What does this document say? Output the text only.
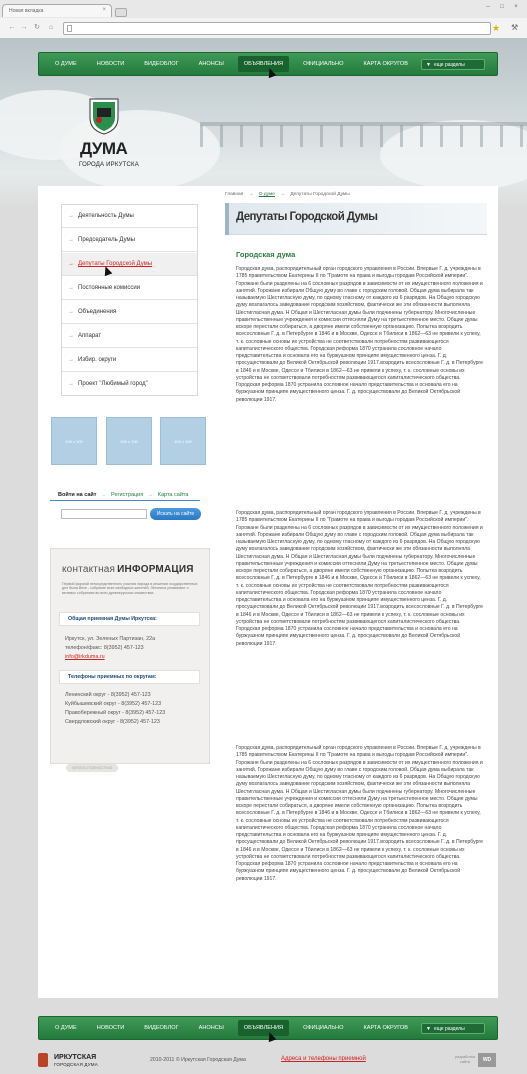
Новая вкладка	×	–	□	×
← → ↻ ⌂	★ ⚒
О ДУМЕ	НОВОСТИ	ВИДЕОБЛОГ	АНОНСЫ	ОБЪЯВЛЕНИЯ	ОФИЦИАЛЬНО	КАРТА ОКРУГОВ	▼ еще разделы
ДУМА
ГОРОДА ИРКУТСКА
Главная → О думе → Депутаты Городской Думы
→ Деятельность Думы
→ Председатель Думы
→ Депутаты Городской Думы
→ Постоянные комиссии
→ Объединения
→ Аппарат
→ Избир. округи
→ Проект "Любимый город"
100 x 100	100 x 100	100 x 100
Войти на сайт → Регистрация → Карта сайта
Искать на сайте
контактная ИНФОРМАЦИЯ
Первой формой непосредственного участия народа в решении государственных дел была Вече - собрание всех свободных жителей. Летописи упоминают о вечевых собраниях во всех древнерусских княжествах.
Общая приемная Думы Иркутска:
Иркутск, ул. Зеленых Партизан, 22а
телефон/факс: 8(3952) 457-123
info@irkduma.ru
Телефоны приемных по округам:
Ленинский округ - 8(3952) 457-123
Куйбышевский округ - 8(3952) 457-123
Правобережный округ - 8(3952) 457-123
Свердловский округ - 8(3952) 457-123
ЧИТАТЬ ПОЛНОСТЬЮ
Депутаты Городской Думы
Городская дума
Городская дума, распорядительный орган городского управления в России. Впервые Г. д. учреждены в 1785 правительством Екатерины II по "Грамоте на права и выгоды городам Российской империи". Горожане были разделены на 6 сословных разрядов в зависимости от их имущественного положения и занятий. Горожане избирали Общую думу во главе с городским головой. Общая дума выбирала так называемую Шестигласную думу, по одному гласному от каждого из 6 разрядов. На Общую городскую думу возлагалось заведование городским хозяйством, фактически же эти обязанности выполняла Шестигласная дума. Н Общая и Шестигласная думы были подчинены губернатору. Многочисленные правительственные учреждения и комиссии оттесняли Думу на третьестепенное место. Общие думы вскоре перестали собираться, а дворяне имели собственную организацию. Попытка возродить всесословные Г. д. в Петербурге в 1846 и в Москве, Одессе и Тбилиси в 1862—63 не привели к успеху, т. к. сословные основы их устройства не соответствовали потребностям развивающегося капиталистического общества. Городская реформа 1870 устранила сословное начало представительства и основала его на буржуазном принципе имущественного ценза. Г. д. просуществовали до Великой Октябрьской революции 1917.возродить всесословные Г. д. в Петербурге в 1846 и в Москве, Одессе и Тбилиси в 1862—63 не привели к успеху, т. к. сословные основы их устройства не соответствовали потребностям развивающегося капиталистического общества. Городская реформа 1870 устранила сословное начало представительства и основала его на буржуазном принципе имущественного ценза. Г. д. просуществовали до Великой Октябрьской революции 1917.
Городская дума, распорядительный орган городского управления в России. Впервые Г. д. учреждены в 1785 правительством Екатерины II по "Грамоте на права и выгоды городам Российской империи". Горожане были разделены на 6 сословных разрядов в зависимости от их имущественного положения и занятий. Горожане избирали Общую думу во главе с городским головой. Общая дума выбирала так называемую Шестигласную думу, по одному гласному от каждого из 6 разрядов. На Общую городскую думу возлагалось заведование городским хозяйством, фактически же эти обязанности выполняла Шестигласная дума. Н Общая и Шестигласная думы были подчинены губернатору. Многочисленные правительственные учреждения и комиссии оттесняли Думу на третьестепенное место. Общие думы вскоре перестали собираться, а дворяне имели собственную организацию. Попытка возродить всесословные Г. д. в Петербурге в 1846 и в Москве, Одессе и Тбилиси в 1862—63 не привели к успеху, т. к. сословные основы их устройства не соответствовали потребностям развивающегося капиталистического общества. Городская реформа 1870 устранила сословное начало представительства и основала его на буржуазном принципе имущественного ценза. Г. д. просуществовали до Великой Октябрьской революции 1917.возродить всесословные Г. д. в Петербурге в 1846 и в Москве, Одессе и Тбилиси в 1862—63 не привели к успеху, т. к. сословные основы их устройства не соответствовали потребностям развивающегося капиталистического общества. Городская реформа 1870 устранила сословное начало представительства и основала его на буржуазном принципе имущественного ценза. Г. д. просуществовали до Великой Октябрьской революции 1917.
Городская дума, распорядительный орган городского управления в России. Впервые Г. д. учреждены в 1785 правительством Екатерины II по "Грамоте на права и выгоды городам Российской империи". Горожане были разделены на 6 сословных разрядов в зависимости от их имущественного положения и занятий. Горожане избирали Общую думу во главе с городским головой. Общая дума выбирала так называемую Шестигласную думу, по одному гласному от каждого из 6 разрядов. На Общую городскую думу возлагалось заведование городским хозяйством, фактически же эти обязанности выполняла Шестигласная дума. Н Общая и Шестигласная думы были подчинены губернатору. Многочисленные правительственные учреждения и комиссии оттесняли Думу на третьестепенное место. Общие думы вскоре перестали собираться, а дворяне имели собственную организацию. Попытка возродить всесословные Г. д. в Петербурге в 1846 и в Москве, Одессе и Тбилиси в 1862—63 не привели к успеху, т. к. сословные основы их устройства не соответствовали потребностям развивающегося капиталистического общества. Городская реформа 1870 устранила сословное начало представительства и основала его на буржуазном принципе имущественного ценза. Г. д. просуществовали до Великой Октябрьской революции 1917.возродить всесословные Г. д. в Петербурге в 1846 и в Москве, Одессе и Тбилиси в 1862—63 не привели к успеху, т. к. сословные основы их устройства не соответствовали потребностям развивающегося капиталистического общества. Городская реформа 1870 устранила сословное начало представительства и основала его на буржуазном принципе имущественного ценза. Г. д. просуществовали до Великой Октябрьской революции 1917.
О ДУМЕ	НОВОСТИ	ВИДЕОБЛОГ	АНОНСЫ	ОБЪЯВЛЕНИЯ	ОФИЦИАЛЬНО	КАРТА ОКРУГОВ	▼ еще разделы
ИРКУТСКАЯ
ГОРОДСКАЯ ДУМА
2010-2011 © Иркутская Городская Дума	Адреса и телефоны приемной	разработка
сайта	WD
